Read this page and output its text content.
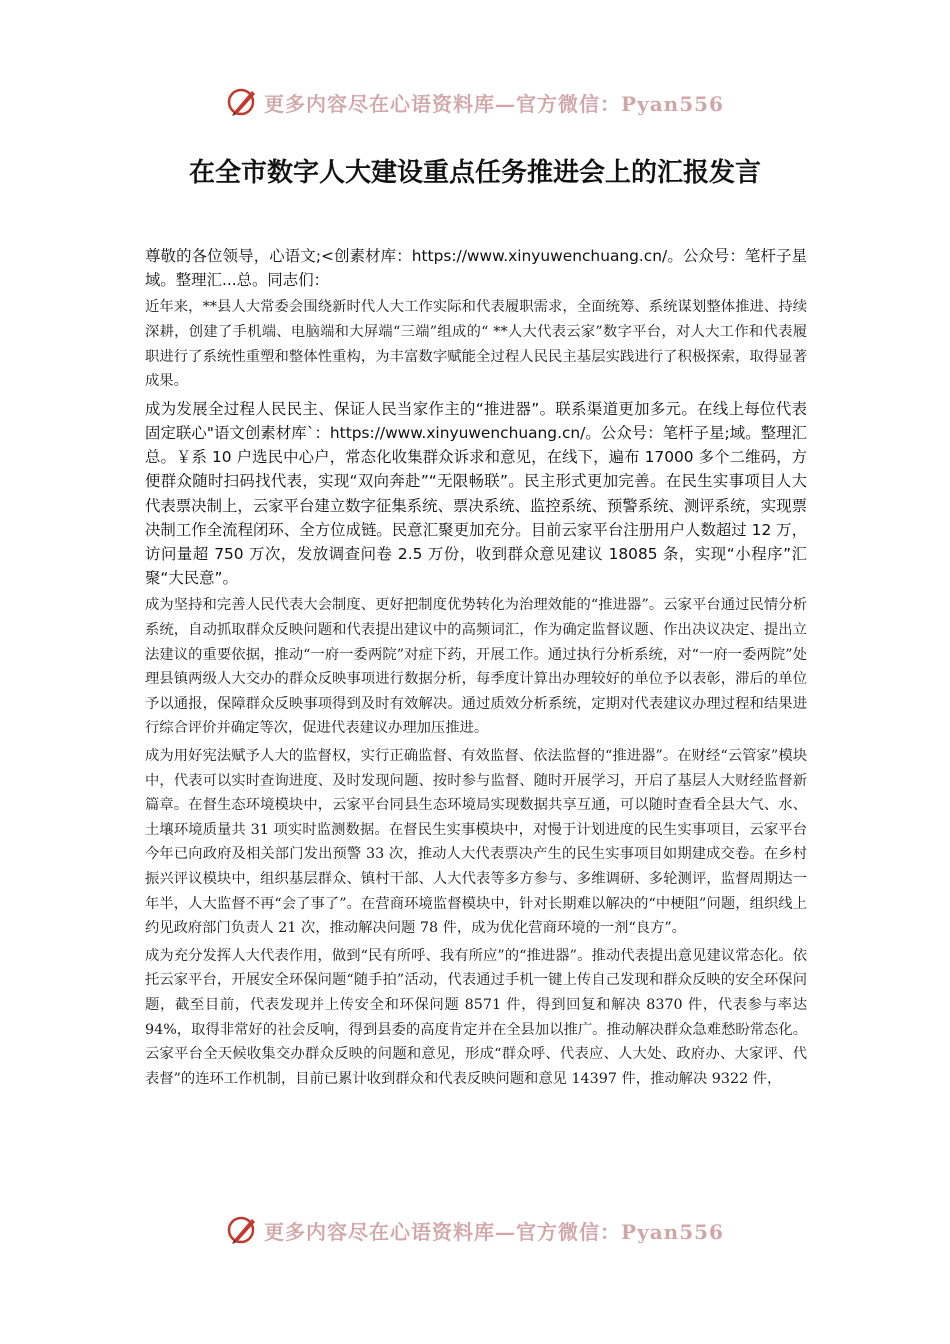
更多内容尽在心语资料库—官方微信：Pyan556
在全市数字人大建设重点任务推进会上的汇报发言

尊敬的各位领导，心语文;<创素材库：https://www.xinyuwenchuang.cn/。公众号：笔杆子星域。整理汇...总。同志们：

近年来，**县人大常委会围绕新时代人大工作实际和代表履职需求，全面统筹、系统谋划整体推进、持续深耕，创建了手机端、电脑端和大屏端“三端”组成的“ **人大代表云家”数字平台，对人大工作和代表履职进行了系统性重塑和整体性重构，为丰富数字赋能全过程人民民主基层实践进行了积极探索，取得显著成果。

成为发展全过程人民民主、保证人民当家作主的“推进器”。联系渠道更加多元。在线上每位代表固定联心"语文创素材库`：https://www.xinyuwenchuang.cn/。公众号：笔杆子星;域。整理汇总。￥系 10 户选民中心户，常态化收集群众诉求和意见，在线下，遍布 17000 多个二维码，方便群众随时扫码找代表，实现“双向奔赴”“无限畅联”。民主形式更加完善。在民生实事项目人大代表票决制上，云家平台建立数字征集系统、票决系统、监控系统、预警系统、测评系统，实现票决制工作全流程闭环、全方位成链。民意汇聚更加充分。目前云家平台注册用户人数超过 12 万，访问量超 750 万次，发放调查问卷 2.5 万份，收到群众意见建议 18085 条，实现“小程序”汇聚“大民意”。

成为坚持和完善人民代表大会制度、更好把制度优势转化为治理效能的“推进器”。云家平台通过民情分析系统，自动抓取群众反映问题和代表提出建议中的高频词汇，作为确定监督议题、作出决议决定、提出立法建议的重要依据，推动“一府一委两院”对症下药，开展工作。通过执行分析系统，对“一府一委两院”处理县镇两级人大交办的群众反映事项进行数据分析，每季度计算出办理较好的单位予以表彰，滞后的单位予以通报，保障群众反映事项得到及时有效解决。通过质效分析系统，定期对代表建议办理过程和结果进行综合评价并确定等次，促进代表建议办理加压推进。

成为用好宪法赋予人大的监督权，实行正确监督、有效监督、依法监督的“推进器”。在财经“云管家”模块中，代表可以实时查询进度、及时发现问题、按时参与监督、随时开展学习，开启了基层人大财经监督新篇章。在督生态环境模块中，云家平台同县生态环境局实现数据共享互通，可以随时查看全县大气、水、土壤环境质量共 31 项实时监测数据。在督民生实事模块中，对慢于计划进度的民生实事项目，云家平台今年已向政府及相关部门发出预警 33 次，推动人大代表票决产生的民生实事项目如期建成交卷。在乡村振兴评议模块中，组织基层群众、镇村干部、人大代表等多方参与、多维调研、多轮测评，监督周期达一年半，人大监督不再“会了事了”。在营商环境监督模块中，针对长期难以解决的“中梗阻”问题，组织线上约见政府部门负责人 21 次，推动解决问题 78 件，成为优化营商环境的一剂“良方”。

成为充分发挥人大代表作用，做到“民有所呼、我有所应”的“推进器”。推动代表提出意见建议常态化。依托云家平台，开展安全环保问题“随手拍”活动，代表通过手机一键上传自己发现和群众反映的安全环保问题，截至目前，代表发现并上传安全和环保问题 8571 件，得到回复和解决 8370 件，代表参与率达 94%，取得非常好的社会反响，得到县委的高度肯定并在全县加以推广。推动解决群众急难愁盼常态化。云家平台全天候收集交办群众反映的问题和意见，形成“群众呼、代表应、人大处、政府办、大家评、代表督”的连环工作机制，目前已累计收到群众和代表反映问题和意见 14397 件，推动解决 9322 件，

更多内容尽在心语资料库—官方微信：Pyan556
